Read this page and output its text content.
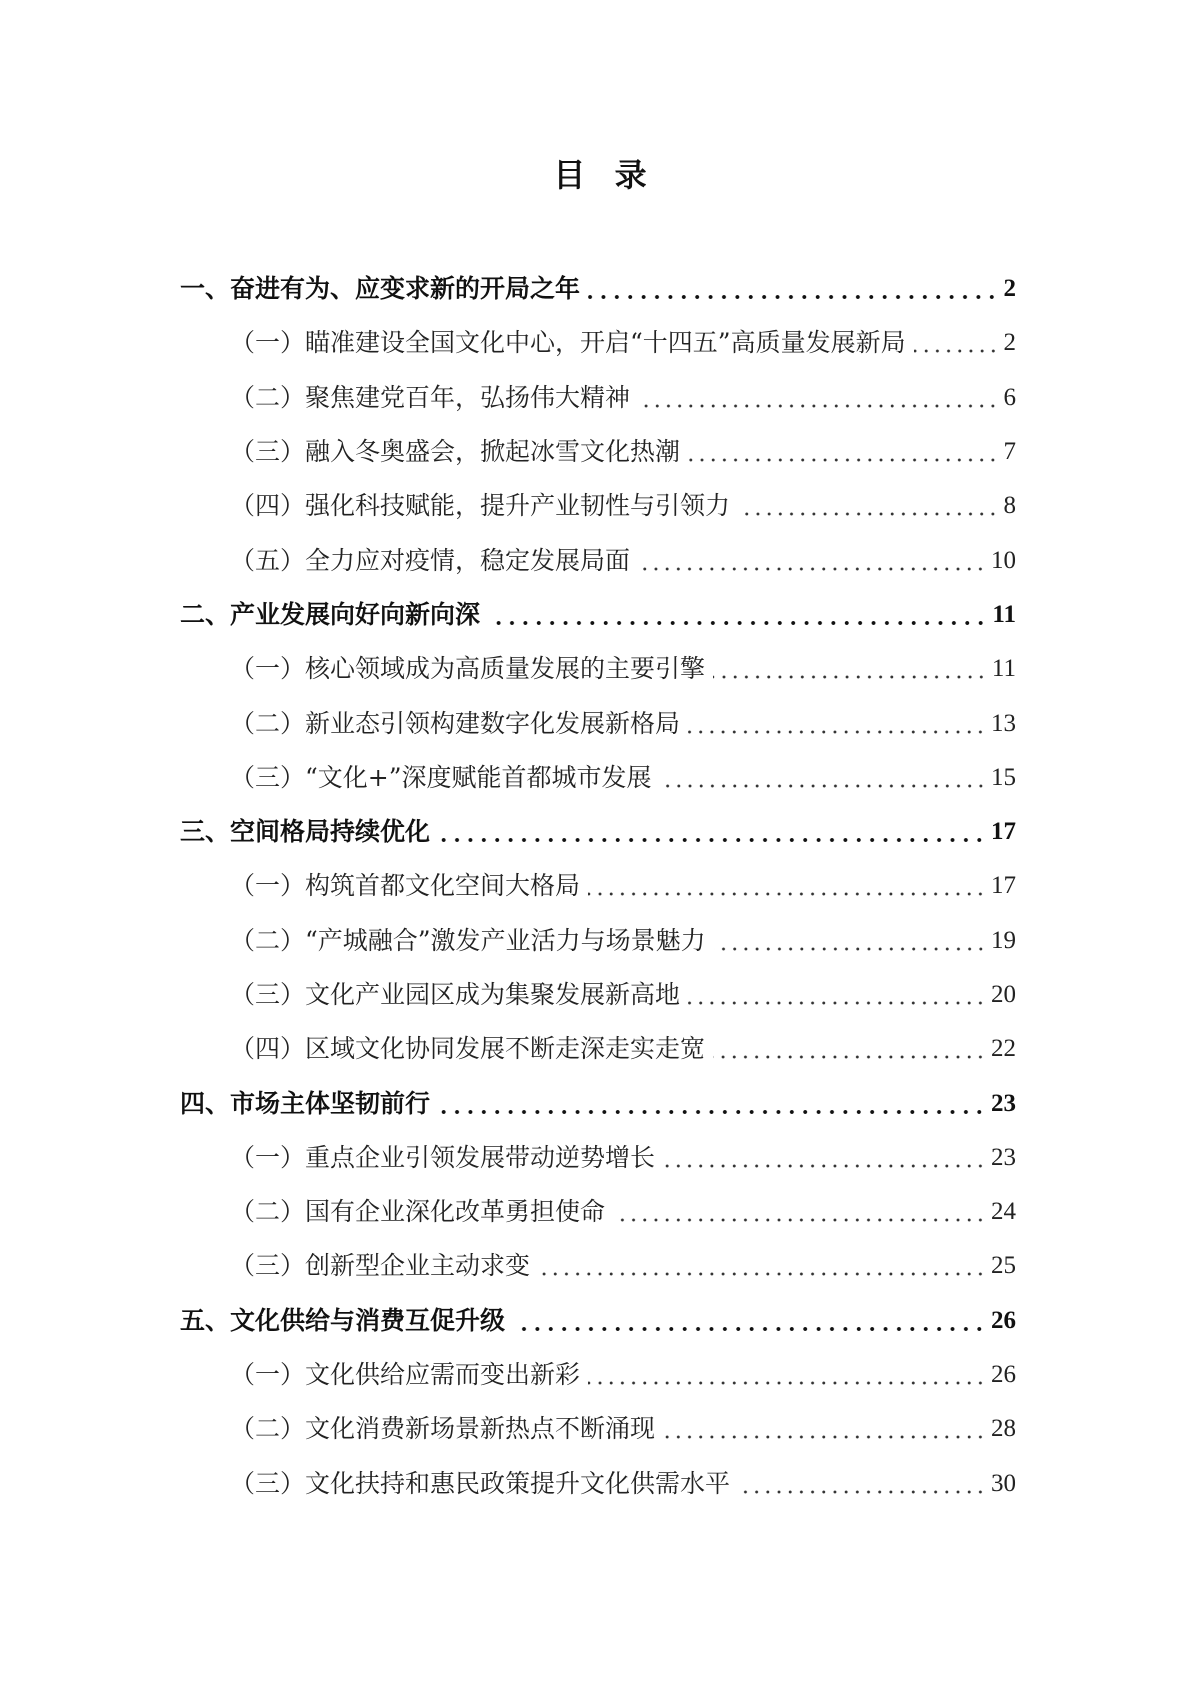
目 录
一、奋进有为、应变求新的开局之年	2
（一）瞄准建设全国文化中心，开启“十四五”高质量发展新局	2
（二）聚焦建党百年，弘扬伟大精神	6
（三）融入冬奥盛会，掀起冰雪文化热潮	7
（四）强化科技赋能，提升产业韧性与引领力	8
（五）全力应对疫情，稳定发展局面	10
二、产业发展向好向新向深	11
（一）核心领域成为高质量发展的主要引擎	11
（二）新业态引领构建数字化发展新格局	13
（三）“文化+”深度赋能首都城市发展	15
三、空间格局持续优化	17
（一）构筑首都文化空间大格局	17
（二）“产城融合”激发产业活力与场景魅力	19
（三）文化产业园区成为集聚发展新高地	20
（四）区域文化协同发展不断走深走实走宽	22
四、市场主体坚韧前行	23
（一）重点企业引领发展带动逆势增长	23
（二）国有企业深化改革勇担使命	24
（三）创新型企业主动求变	25
五、文化供给与消费互促升级	26
（一）文化供给应需而变出新彩	26
（二）文化消费新场景新热点不断涌现	28
（三）文化扶持和惠民政策提升文化供需水平	30
